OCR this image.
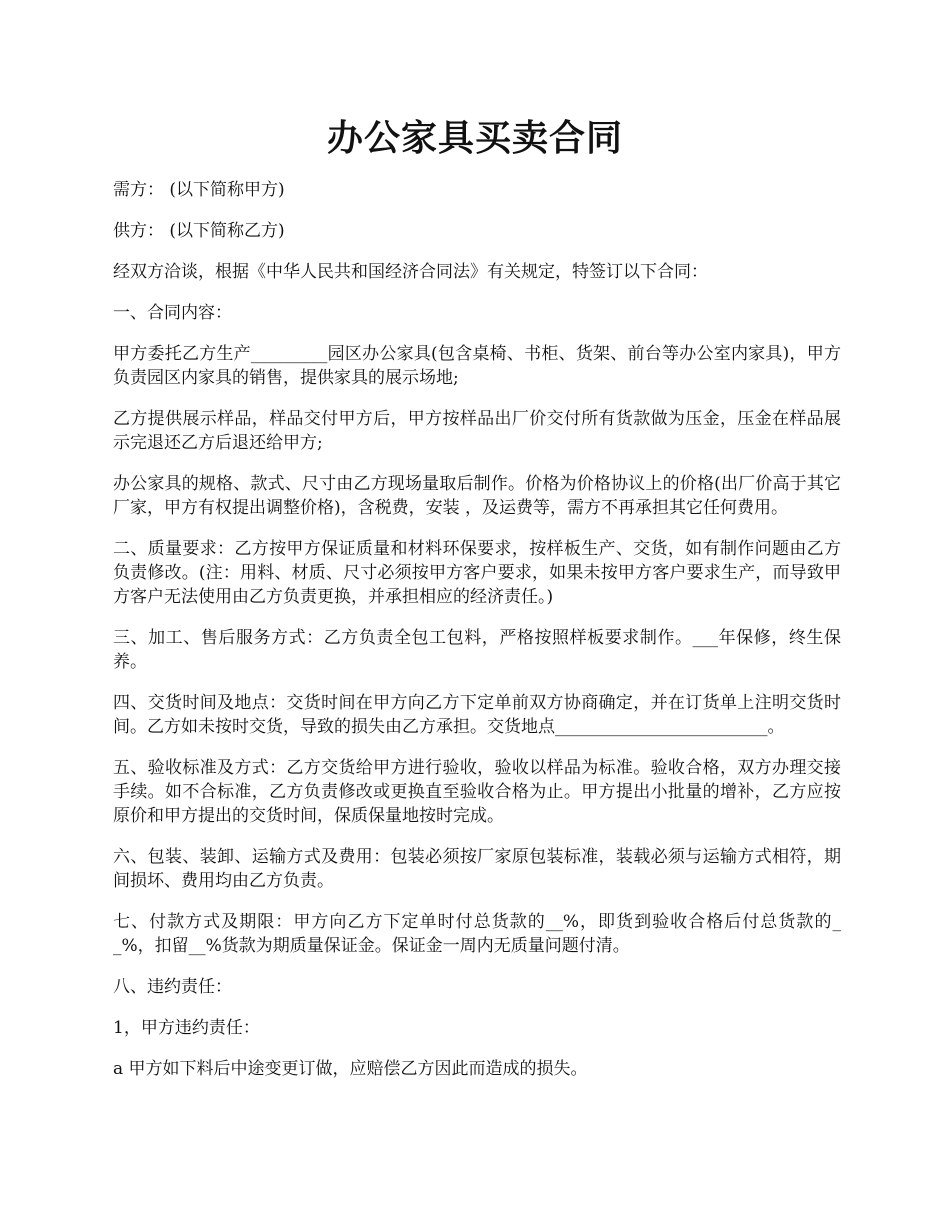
办公家具买卖合同

需方： (以下简称甲方)

供方： (以下简称乙方)

经双方洽谈，根据《中华人民共和国经济合同法》有关规定，特签订以下合同：

一、合同内容：

甲方委托乙方生产_________园区办公家具(包含桌椅、书柜、货架、前台等办公室内家具)，甲方负责园区内家具的销售，提供家具的展示场地;

乙方提供展示样品，样品交付甲方后，甲方按样品出厂价交付所有货款做为压金，压金在样品展示完退还乙方后退还给甲方;

办公家具的规格、款式、尺寸由乙方现场量取后制作。价格为价格协议上的价格(出厂价高于其它厂家，甲方有权提出调整价格)，含税费，安装 ，及运费等，需方不再承担其它任何费用。

二、质量要求：乙方按甲方保证质量和材料环保要求，按样板生产、交货，如有制作问题由乙方负责修改。(注：用料、材质、尺寸必须按甲方客户要求，如果未按甲方客户要求生产，而导致甲方客户无法使用由乙方负责更换，并承担相应的经济责任。)

三、加工、售后服务方式：乙方负责全包工包料，严格按照样板要求制作。___年保修，终生保养。

四、交货时间及地点：交货时间在甲方向乙方下定单前双方协商确定，并在订货单上注明交货时间。乙方如未按时交货，导致的损失由乙方承担。交货地点_________________________。

五、验收标准及方式：乙方交货给甲方进行验收，验收以样品为标准。验收合格，双方办理交接手续。如不合标准，乙方负责修改或更换直至验收合格为止。甲方提出小批量的增补，乙方应按原价和甲方提出的交货时间，保质保量地按时完成。

六、包装、装卸、运输方式及费用：包装必须按厂家原包装标准，装载必须与运输方式相符，期间损坏、费用均由乙方负责。

七、付款方式及期限：甲方向乙方下定单时付总货款的__%，即货到验收合格后付总货款的__%，扣留__%货款为期质量保证金。保证金一周内无质量问题付清。

八、违约责任：

1，甲方违约责任：

a 甲方如下料后中途变更订做，应赔偿乙方因此而造成的损失。
